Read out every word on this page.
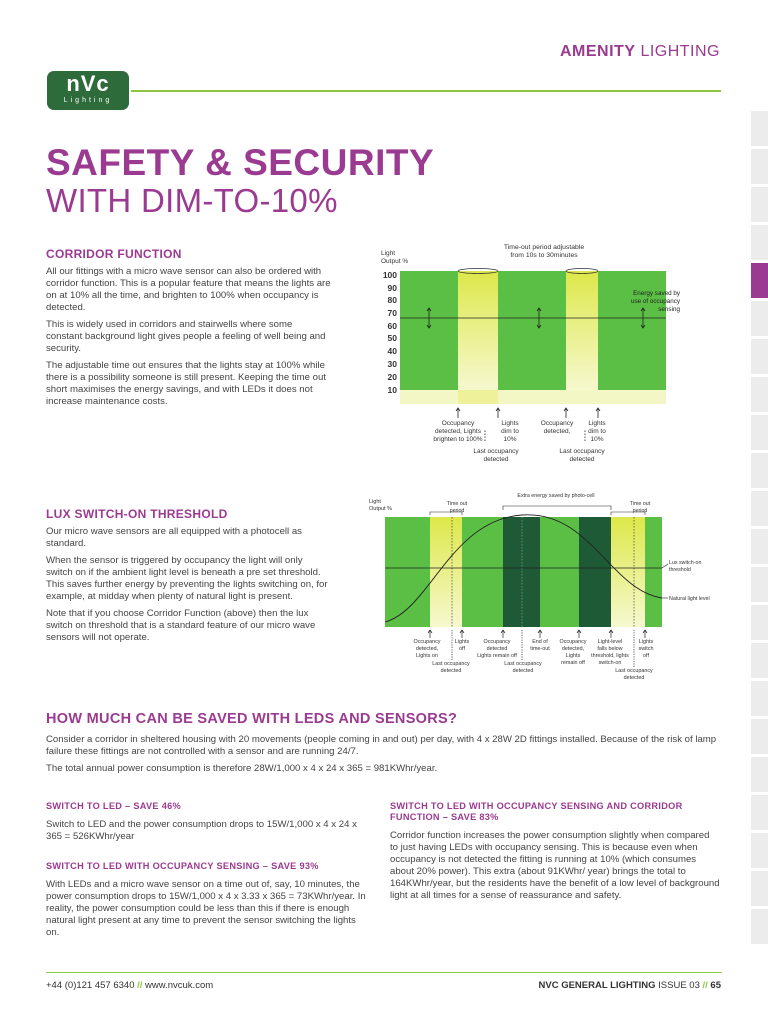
AMENITY LIGHTING
nVc
Lighting
SAFETY & SECURITY
WITH DIM-TO-10%
CORRIDOR FUNCTION

All our fittings with a micro wave sensor can also be ordered with corridor function. This is a popular feature that means the lights are on at 10% all the time, and brighten to 100% when occupancy is detected.

This is widely used in corridors and stairwells where some constant background light gives people a feeling of well being and security.

The adjustable time out ensures that the lights stay at 100% while there is a possibility someone is still present. Keeping the time out short maximises the energy savings, and with LEDs it does not increase maintenance costs.

Light
Output %
100
90
80
70
60
50
40
30
20
10
Time-out period adjustable
from 10s to 30minutes
Energy saved by
use of occupancy
sensing
Occupancy
detected, Lights
brighten to 100%
Lights
dim to
10%
Occupancy
detected,
Lights
dim to
10%
Last occupancy
detected
Last occupancy
detected
LUX SWITCH-ON THRESHOLD

Our micro wave sensors are all equipped with a photocell as standard.

When the sensor is triggered by occupancy the light will only switch on if the ambient light level is beneath a pre set threshold. This saves further energy by preventing the lights switching on, for example, at midday when plenty of natural light is present.

Note that if you choose Corridor Function (above) then the lux switch on threshold that is a standard feature of our micro wave sensors will not operate.

Light
Output %
Extra energy saved by photo-cell
Time out
period
Time out
period
Lux switch-on
threshold
Natural light level
Occupancy
detected,
Lights on
Lights
off
Occupancy
detected
Lights remain off
End of
time-out
Occupancy
detected,
Lights
remain off
Light-level
falls below
threshold, lights
switch-on
Lights
switch
off
Last occupancy
detected
Last occupancy
detected	Last occupancy
detected
HOW MUCH CAN BE SAVED WITH LEDS AND SENSORS?

Consider a corridor in sheltered housing with 20 movements (people coming in and out) per day, with 4 x 28W 2D fittings installed. Because of the risk of lamp failure these fittings are not controlled with a sensor and are running 24/7.

The total annual power consumption is therefore 28W/1,000 x 4 x 24 x 365 = 981KWhr/year.

SWITCH TO LED – SAVE 46%

Switch to LED and the power consumption drops to 15W/1,000 x 4 x 24 x 365 = 526KWhr/year

SWITCH TO LED WITH OCCUPANCY SENSING – SAVE 93%

With LEDs and a micro wave sensor on a time out of, say, 10 minutes, the power consumption drops to 15W/1,000 x 4 x 3.33 x 365 = 73KWhr/year. In reality, the power consumption could be less than this if there is enough natural light present at any time to prevent the sensor switching the lights on.

SWITCH TO LED WITH OCCUPANCY SENSING AND CORRIDOR FUNCTION – SAVE 83%

Corridor function increases the power consumption slightly when compared to just having LEDs with occupancy sensing. This is because even when occupancy is not detected the fitting is running at 10% (which consumes about 20% power). This extra (about 91KWhr/ year) brings the total to 164KWhr/year, but the residents have the benefit of a low level of background light at all times for a sense of reassurance and safety.

+44 (0)121 457 6340 // www.nvcuk.com	NVC GENERAL LIGHTING ISSUE 03 // 65
